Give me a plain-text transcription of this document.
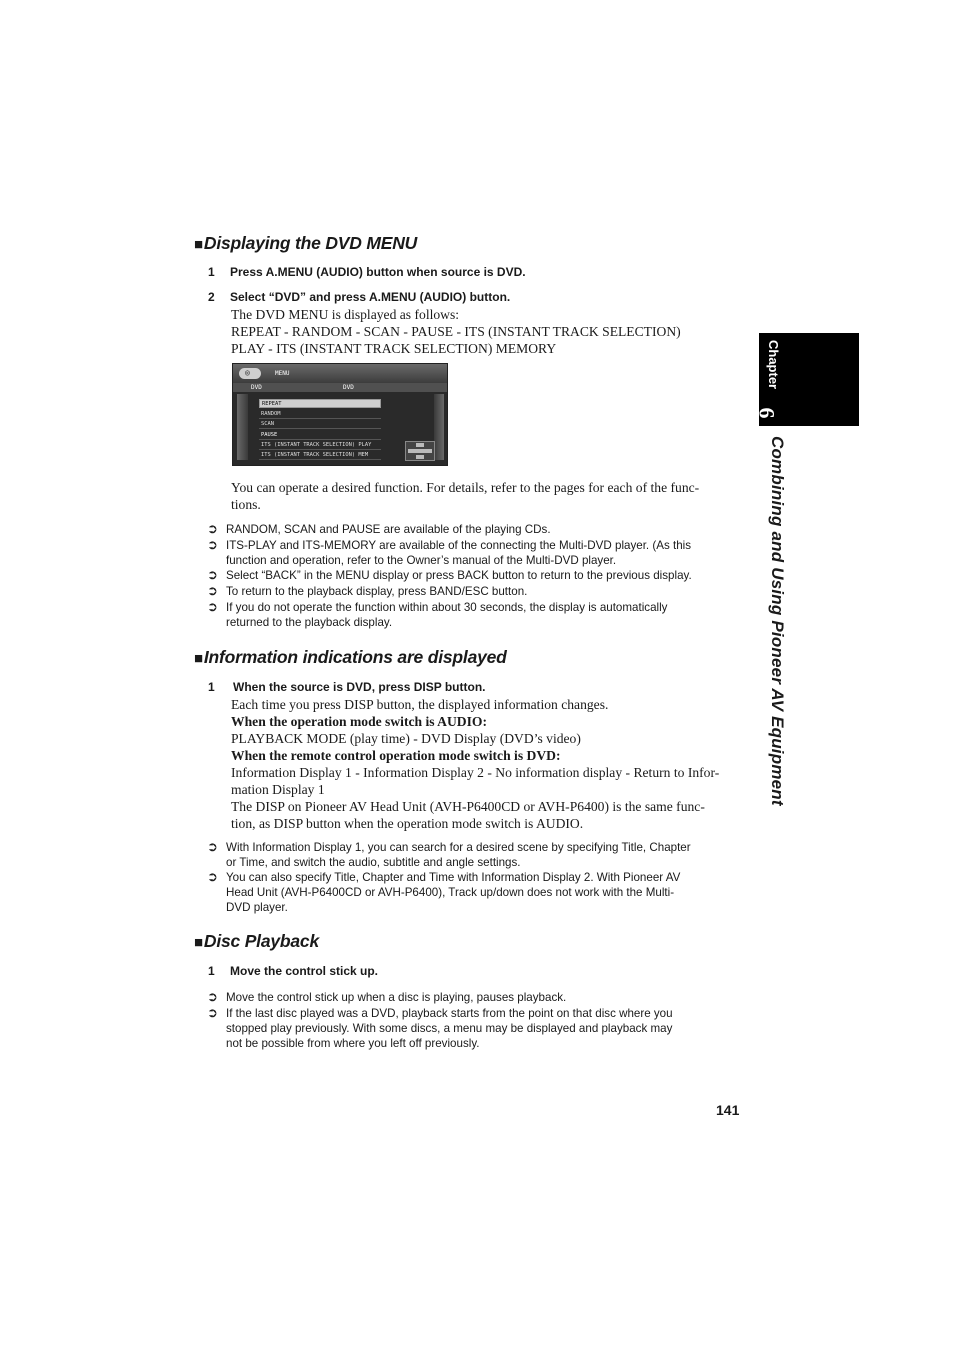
Chapter
6
Combining and Using Pioneer AV Equipment
■Displaying the DVD MENU
1 Press A.MENU (AUDIO) button when source is DVD.
2 Select “DVD” and press A.MENU (AUDIO) button.
The DVD MENU is displayed as follows:
REPEAT - RANDOM - SCAN - PAUSE - ITS (INSTANT TRACK SELECTION)
PLAY - ITS (INSTANT TRACK SELECTION) MEMORY
◎	MENU
DVD	DVD
REPEAT
RANDOM
SCAN
PAUSE
ITS (INSTANT TRACK SELECTION) PLAY
ITS (INSTANT TRACK SELECTION) MEM
You can operate a desired function. For details, refer to the pages for each of the func-
tions.
➲ RANDOM, SCAN and PAUSE are available of the playing CDs.
➲ ITS-PLAY and ITS-MEMORY are available of the connecting the Multi-DVD player. (As this
function and operation, refer to the Owner’s manual of the Multi-DVD player.
➲ Select “BACK” in the MENU display or press BACK button to return to the previous display.
➲ To return to the playback display, press BAND/ESC button.
➲ If you do not operate the function within about 30 seconds, the display is automatically
returned to the playback display.
■Information indications are displayed
1 When the source is DVD, press DISP button.
Each time you press DISP button, the displayed information changes.
When the operation mode switch is AUDIO:
PLAYBACK MODE (play time) - DVD Display (DVD’s video)
When the remote control operation mode switch is DVD:
Information Display 1 - Information Display 2 - No information display - Return to Infor-
mation Display 1
The DISP on Pioneer AV Head Unit (AVH-P6400CD or AVH-P6400) is the same func-
tion, as DISP button when the operation mode switch is AUDIO.
➲ With Information Display 1, you can search for a desired scene by specifying Title, Chapter
or Time, and switch the audio, subtitle and angle settings.
➲ You can also specify Title, Chapter and Time with Information Display 2. With Pioneer AV
Head Unit (AVH-P6400CD or AVH-P6400), Track up/down does not work with the Multi-
DVD player.
■Disc Playback
1 Move the control stick up.
➲ Move the control stick up when a disc is playing, pauses playback.
➲ If the last disc played was a DVD, playback starts from the point on that disc where you
stopped play previously. With some discs, a menu may be displayed and playback may
not be possible from where you left off previously.
141
